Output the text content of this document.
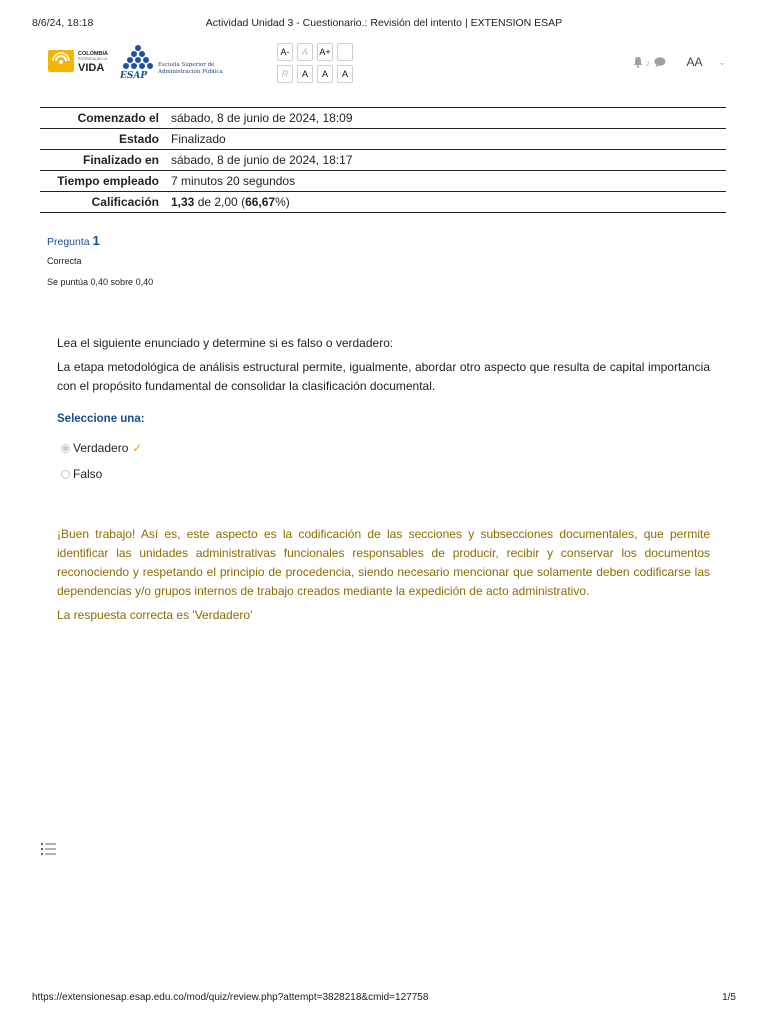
8/6/24, 18:18	Actividad Unidad 3 - Cuestionario.: Revisión del intento | EXTENSION ESAP
COLOMBIA
POTENCIA DE LA
VIDA
ESAP
Escuela Superior de
Administración Pública
A-	A	A+
R	A	A	A
2	AA ⌄
Comenzado el	sábado, 8 de junio de 2024, 18:09
Estado	Finalizado
Finalizado en	sábado, 8 de junio de 2024, 18:17
Tiempo empleado	7 minutos 20 segundos
Calificación	1,33 de 2,00 (66,67%)
Pregunta 1
Correcta
Se puntúa 0,40 sobre 0,40

Lea el siguiente enunciado y determine si es falso o verdadero:

La etapa metodológica de análisis estructural permite, igualmente, abordar otro aspecto que resulta de capital importancia con el propósito fundamental de consolidar la clasificación documental.

Seleccione una:
Verdadero ✓
Falso
¡Buen trabajo! Así es, este aspecto es la codificación de las secciones y subsecciones documentales, que permite identificar las unidades administrativas funcionales responsables de producir, recibir y conservar los documentos reconociendo y respetando el principio de procedencia, siendo necesario mencionar que solamente deben codificarse las dependencias y/o grupos internos de trabajo creados mediante la expedición de acto administrativo.
La respuesta correcta es 'Verdadero'
https://extensionesap.esap.edu.co/mod/quiz/review.php?attempt=3828218&cmid=127758	1/5
